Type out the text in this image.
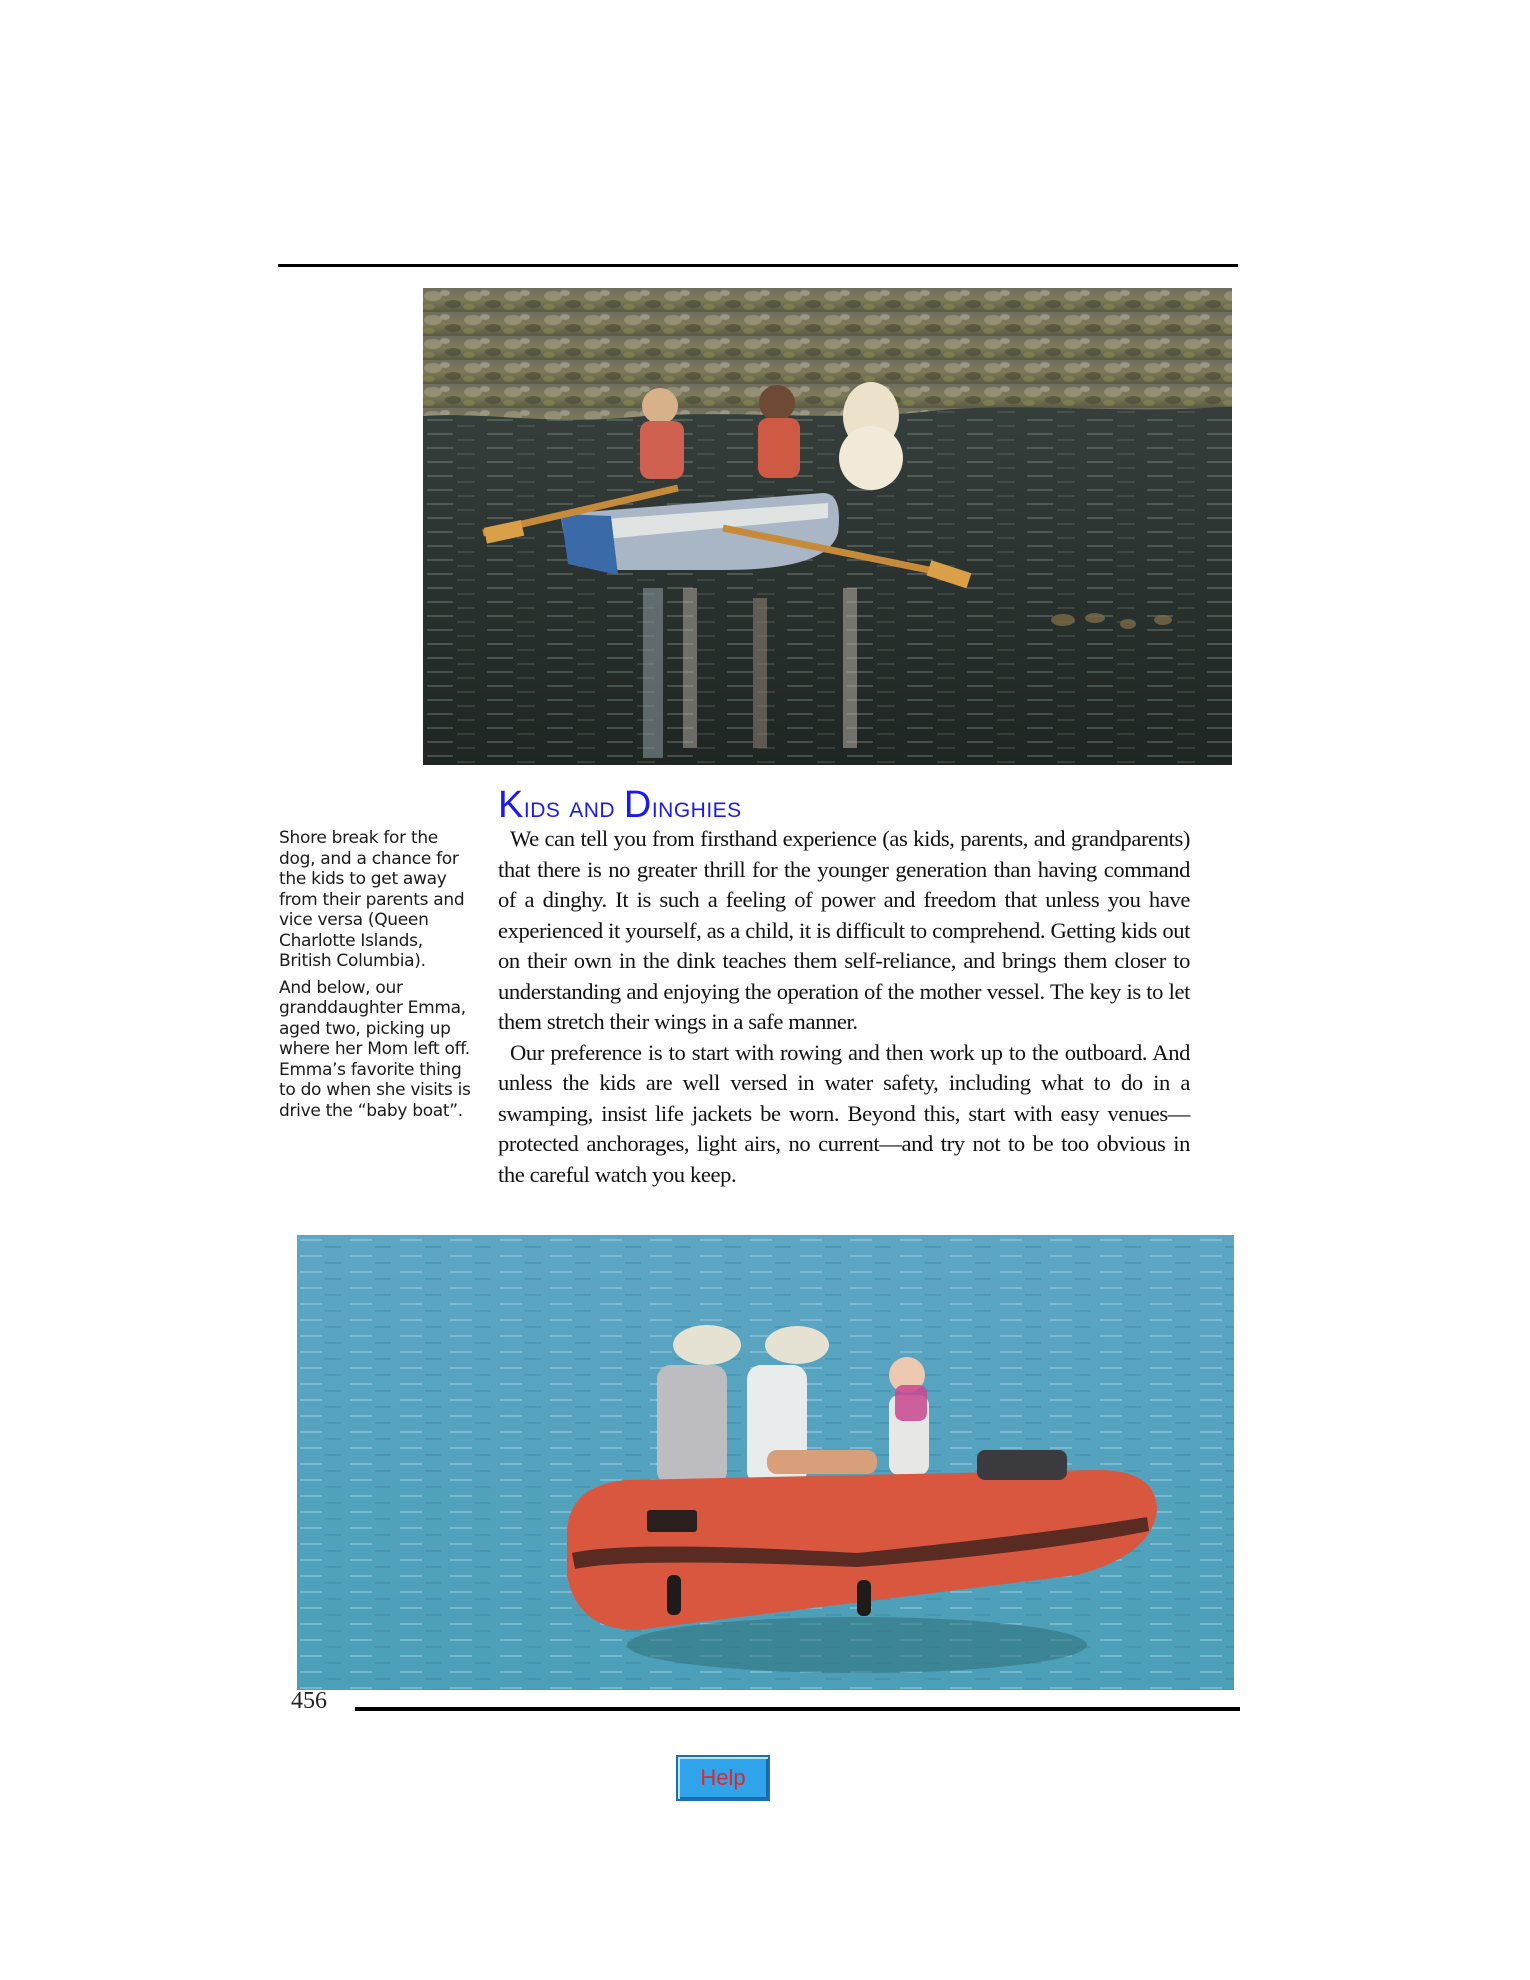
Kids and Dinghies

Shore break for the dog, and a chance for the kids to get away from their parents and vice versa (Queen Charlotte Islands, British Columbia).

And below, our granddaughter Emma, aged two, picking up where her Mom left off. Emma’s favorite thing to do when she visits is drive the “baby boat”.

We can tell you from firsthand experience (as kids, parents, and grandparents) that there is no greater thrill for the younger generation than having command of a dinghy. It is such a feeling of power and freedom that unless you have experienced it yourself, as a child, it is difficult to comprehend. Getting kids out on their own in the dink teaches them self-reliance, and brings them closer to understanding and enjoying the operation of the mother vessel. The key is to let them stretch their wings in a safe manner.

Our preference is to start with rowing and then work up to the outboard. And unless the kids are well versed in water safety, including what to do in a swamping, insist life jackets be worn. Beyond this, start with easy venues—protected anchorages, light airs, no current—and try not to be too obvious in the careful watch you keep.

456
Help
